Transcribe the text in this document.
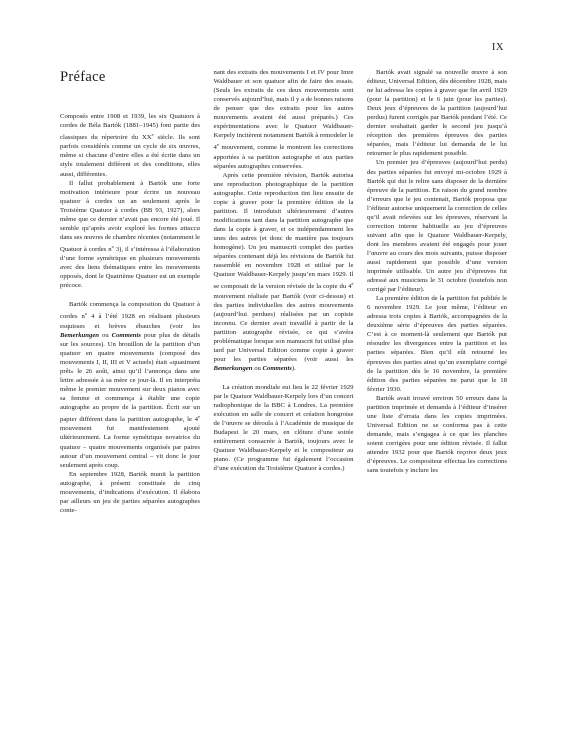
IX
Préface

Composés entre 1908 et 1939, les six Quatuors à cordes de Béla Bartók (1881–1945) font partie des classiques du répertoire du XXe siècle. Ils sont parfois considérés comme un cycle de six œuvres, même si chacune d’entre elles a été écrite dans un style totalement différent et des conditions, elles aussi, différentes.

Il fallut probablement à Bartók une forte motivation intérieure pour écrire un nouveau quatuor à cordes un an seulement après le Troisième Quatuor à cordes (BB 93, 1927), alors même que ce dernier n’avait pas encore été joué. Il semble qu’après avoir exploré les formes attacca dans ses œuvres de chambre récentes (notamment le Quatuor à cordes $n^o$ 3), il s’intéressa à l’élaboration d’une forme symétrique en plusieurs mouvements avec des liens thématiques entre les mouvements opposés, dont le Quatrième Quatuor est un exemple précoce.

Bartók commença la composition du Quatuor à cordes $n^o$ 4 à l’été 1928 en réalisant plusieurs esquisses et brèves ébauches (voir les Bemerkungen ou Comments pour plus de détails sur les sources). Un brouillon de la partition d’un quatuor en quatre mouvements (composé des mouvements I, II, III et V actuels) était «quasiment prêt» le 26 août, ainsi qu’il l’annonça dans une lettre adressée à sa mère ce jour-là. Il en interpréta même le premier mouvement sur deux pianos avec sa femme et commença à établir une copie autographe au propre de la partition. Écrit sur un papier différent dans la partition autographe, le 4e mouvement fut manifestement ajouté ultérieurement. La forme symétrique novatrice du quatuor – quatre mouvements organisés par paires autour d’un mouvement central – vit donc le jour seulement après coup.

En septembre 1928, Bartók munit la partition autographe, à présent constituée de cinq mouvements, d’indications d’exécution. Il élabora par ailleurs un jeu de parties séparées autographes conte-

nant des extraits des mouvements I et IV pour Imre Waldbauer et son quatuor afin de faire des essais. (Seuls les extraits de ces deux mouvements sont conservés aujourd’hui, mais il y a de bonnes raisons de penser que des extraits pour les autres mouvements avaient été aussi préparés.) Ces expérimentations avec le Quatuor Waldbauer-Kerpely incitèrent notamment Bartók à remodeler le 4e mouvement, comme le montrent les corrections apportées à sa partition autographe et aux parties séparées autographes conservées.

Après cette première révision, Bartók autorisa une reproduction photographique de la partition autographe. Cette reproduction tint lieu ensuite de copie à graver pour la première édition de la partition. Il introduisit ultérieurement d’autres modifications tant dans la partition autographe que dans la copie à graver, et ce indépendamment les unes des autres (et donc de manière pas toujours homogène). Un jeu manuscrit complet des parties séparées contenant déjà les révisions de Bartók fut rassemblé en novembre 1928 et utilisé par le Quatuor Waldbauer-Kerpely jusqu’en mars 1929. Il se composait de la version révisée de la copie du 4e mouvement réalisée par Bartók (voir ci-dessus) et des parties individuelles des autres mouvements (aujourd’hui perdues) réalisées par un copiste inconnu. Ce dernier avait travaillé à partir de la partition autographe révisée, ce qui s’avéra problématique lorsque son manuscrit fut utilisé plus tard par Universal Edition comme copie à graver pour les parties séparées (voir aussi les Bemerkungen ou Comments).

La création mondiale eut lieu le 22 février 1929 par le Quatuor Waldbauer-Kerpely lors d’un concert radiophonique de la BBC à Londres. La première exécution en salle de concert et création hongroise de l’œuvre se déroula à l’Académie de musique de Budapest le 20 mars, en clôture d’une soirée entièrement consacrée à Bartók, toujours avec le Quatuor Waldbauer-Kerpely et le compositeur au piano. (Ce programme fut également l’occasion d’une exécution du Troisième Quatuor à cordes.)

Bartók avait signalé sa nouvelle œuvre à son éditeur, Universal Edition, dès décembre 1928, mais ne lui adressa les copies à graver que fin avril 1929 (pour la partition) et le 6 juin (pour les parties). Deux jeux d’épreuves de la partition (aujourd’hui perdus) furent corrigés par Bartók pendant l’été. Ce dernier souhaitait garder le second jeu jusqu’à réception des premières épreuves des parties séparées, mais l’éditeur lui demanda de le lui retourner le plus rapidement possible.

Un premier jeu d’épreuves (aujourd’hui perdu) des parties séparées fut envoyé mi-octobre 1929 à Bartók qui dut le relire sans disposer de la dernière épreuve de la partition. En raison du grand nombre d’erreurs que le jeu contenait, Bartók proposa que l’éditeur autorise uniquement la correction de celles qu’il avait relevées sur les épreuves, réservant la correction interne habituelle au jeu d’épreuves suivant afin que le Quatuor Waldbauer-Kerpely, dont les membres avaient été engagés pour jouer l’œuvre au cours des mois suivants, puisse disposer aussi rapidement que possible d’une version imprimée utilisable. Un autre jeu d’épreuves fut adressé aux musiciens le 31 octobre (toutefois non corrigé par l’éditeur).

La première édition de la partition fut publiée le 6 novembre 1929. Le jour même, l’éditeur en adressa trois copies à Bartók, accompagnées de la deuxième série d’épreuves des parties séparées. C’est à ce moment-là seulement que Bartók put résoudre les divergences entre la partition et les parties séparées. Bien qu’il eût retourné les épreuves des parties ainsi qu’un exemplaire corrigé de la partition dès le 16 novembre, la première édition des parties séparées ne parut que le 18 février 1930.

Bartók avait trouvé environ 50 erreurs dans la partition imprimée et demanda à l’éditeur d’insérer une liste d’errata dans les copies imprimées. Universal Edition ne se conforma pas à cette demande, mais s’engagea à ce que les planches soient corrigées pour une édition révisée. Il fallut attendre 1932 pour que Bartók reçoive deux jeux d’épreuves. Le compositeur effectua les corrections sans toutefois y inclure les
